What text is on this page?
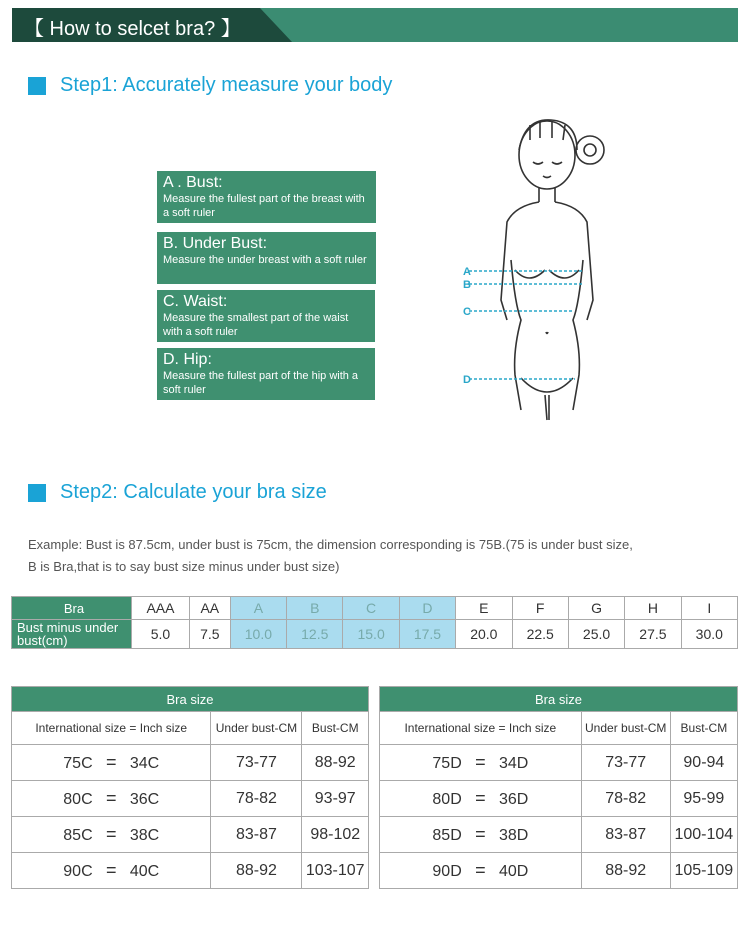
【 How to selcet bra? 】
Step1: Accurately measure your body
A . Bust:
Measure the fullest part of the breast with a soft ruler
B. Under Bust:
Measure the under breast with a soft ruler
C. Waist:
Measure the smallest part of the waist with a soft ruler
D. Hip:
Measure the fullest part of the hip with a soft ruler
A
B
C
D
Step2: Calculate your bra size
Example: Bust is 87.5cm, under bust is 75cm, the dimension corresponding is 75B.(75 is under bust size,
B is Bra,that is to say bust size minus under bust size)
Bra	AAA	AA	A	B	C	D	E	F	G	H	I
Bust minus under bust(cm)	5.0	7.5	10.0	12.5	15.0	17.5	20.0	22.5	25.0	27.5	30.0
Bra size		
International size = Inch size	Under bust-CM	Bust-CM
75C = 34C	73-77	88-92
80C = 36C	78-82	93-97
85C = 38C	83-87	98-102
90C = 40C	88-92	103-107
Bra size		
International size = Inch size	Under bust-CM	Bust-CM
75D = 34D	73-77	90-94
80D = 36D	78-82	95-99
85D = 38D	83-87	100-104
90D = 40D	88-92	105-109
